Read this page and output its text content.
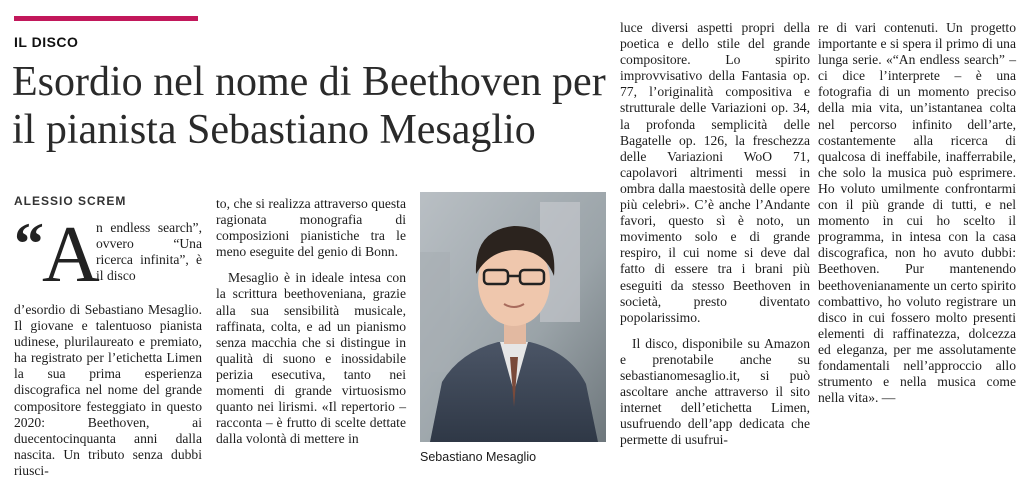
IL DISCO
Esordio nel nome di Beethoven per il pianista Sebastiano Mesaglio
ALESSIO SCREM
“
A
n endless search”, ovvero “Una ricerca infinita”, è il disco

d’esordio di Sebastiano Mesaglio. Il giovane e talentuoso pianista udinese, plurilaureato e premiato, ha registrato per l’etichetta Limen la sua prima esperienza discografica nel nome del grande compositore festeggiato in questo 2020: Beethoven, ai duecentocinquanta anni dalla nascita. Un tributo senza dubbi riusci-

to, che si realizza attraverso questa ragionata monografia di composizioni pianistiche tra le meno eseguite del genio di Bonn.

Mesaglio è in ideale intesa con la scrittura beethoveniana, grazie alla sua sensibilità musicale, raffinata, colta, e ad un pianismo senza macchia che si distingue in qualità di suono e inossidabile perizia esecutiva, tanto nei momenti di grande virtuosismo quanto nei lirismi. «Il repertorio – racconta – è frutto di scelte dettate dalla volontà di mettere in

Sebastiano Mesaglio

luce diversi aspetti propri della poetica e dello stile del grande compositore. Lo spirito improvvisativo della Fantasia op. 77, l’originalità compositiva e strutturale delle Variazioni op. 34, la profonda semplicità delle Bagatelle op. 126, la freschezza delle Variazioni WoO 71, capolavori altrimenti messi in ombra dalla maestosità delle opere più celebri». C’è anche l’Andante favori, questo sì è noto, un movimento solo e di grande respiro, il cui nome si deve dal fatto di essere tra i brani più eseguiti da stesso Beethoven in società, presto diventato popolarissimo.

Il disco, disponibile su Amazon e prenotabile anche su sebastianomesaglio.it, si può ascoltare anche attraverso il sito internet dell’etichetta Limen, usufruendo dell’app dedicata che permette di usufrui-

re di vari contenuti. Un progetto importante e si spera il primo di una lunga serie. «“An endless search” – ci dice l’interprete – è una fotografia di un momento preciso della mia vita, un’istantanea colta nel percorso infinito dell’arte, costantemente alla ricerca di qualcosa di ineffabile, inafferrabile, che solo la musica può esprimere. Ho voluto umilmente confrontarmi con il più grande di tutti, e nel momento in cui ho scelto il programma, in intesa con la casa discografica, non ho avuto dubbi: Beethoven. Pur mantenendo beethovenianamente un certo spirito combattivo, ho voluto registrare un disco in cui fossero molto presenti elementi di raffinatezza, dolcezza ed eleganza, per me assolutamente fondamentali nell’approccio allo strumento e nella musica come nella vita». —
